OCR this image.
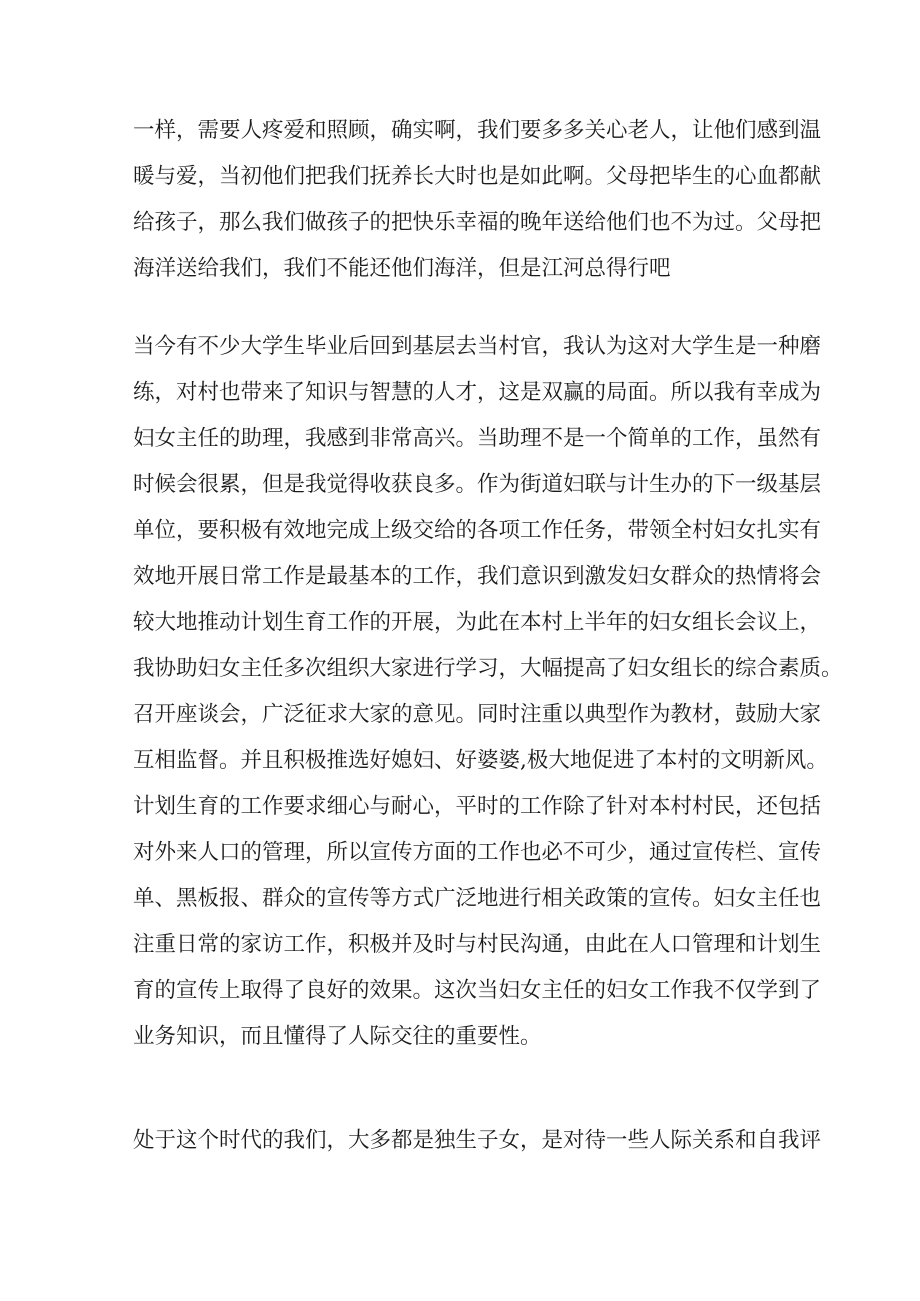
一样，需要人疼爱和照顾，确实啊，我们要多多关心老人，让他们感到温
暖与爱，当初他们把我们抚养长大时也是如此啊。父母把毕生的心血都献
给孩子，那么我们做孩子的把快乐幸福的晚年送给他们也不为过。父母把
海洋送给我们，我们不能还他们海洋，但是江河总得行吧
当今有不少大学生毕业后回到基层去当村官，我认为这对大学生是一种磨
练，对村也带来了知识与智慧的人才，这是双赢的局面。所以我有幸成为
妇女主任的助理，我感到非常高兴。当助理不是一个简单的工作，虽然有
时候会很累，但是我觉得收获良多。作为街道妇联与计生办的下一级基层
单位，要积极有效地完成上级交给的各项工作任务，带领全村妇女扎实有
效地开展日常工作是最基本的工作，我们意识到激发妇女群众的热情将会
较大地推动计划生育工作的开展，为此在本村上半年的妇女组长会议上，
我协助妇女主任多次组织大家进行学习，大幅提高了妇女组长的综合素质。
召开座谈会，广泛征求大家的意见。同时注重以典型作为教材，鼓励大家
互相监督。并且积极推选好媳妇、好婆婆,极大地促进了本村的文明新风。
计划生育的工作要求细心与耐心，平时的工作除了针对本村村民，还包括
对外来人口的管理，所以宣传方面的工作也必不可少，通过宣传栏、宣传
单、黑板报、群众的宣传等方式广泛地进行相关政策的宣传。妇女主任也
注重日常的家访工作，积极并及时与村民沟通，由此在人口管理和计划生
育的宣传上取得了良好的效果。这次当妇女主任的妇女工作我不仅学到了
业务知识，而且懂得了人际交往的重要性。
处于这个时代的我们，大多都是独生子女，是对待一些人际关系和自我评
